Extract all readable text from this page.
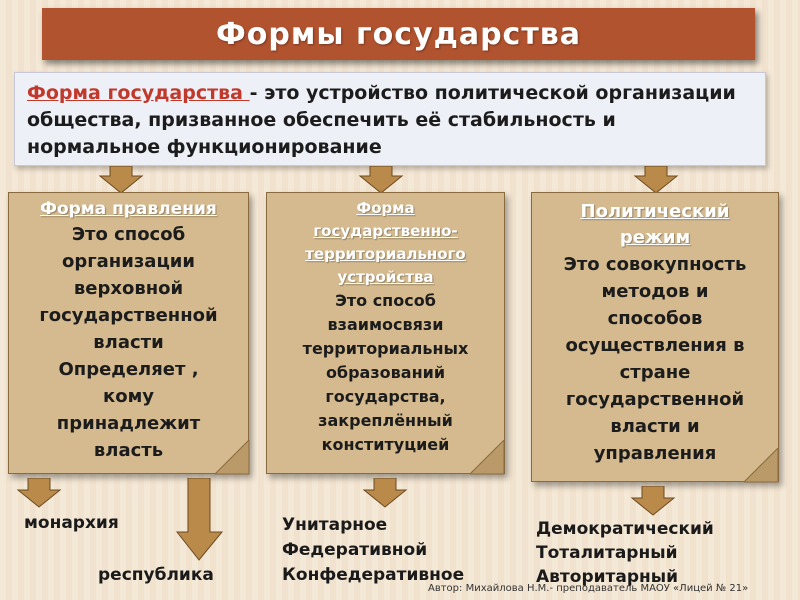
Формы государства
Форма государства - это устройство политической организации общества, призванное обеспечить её стабильность и нормальное функционирование
Форма правления
Это способ
организации
верховной
государственной
власти
Определяет ,
кому
принадлежит
власть
Форма
государственно-
территориального
устройства
Это способ
взаимосвязи
территориальных
образований
государства,
закреплённый
конституцией
Политический
режим
Это совокупность
методов и
способов
осуществления в
стране
государственной
власти и
управления
монархия
республика
Унитарное
Федеративной
Конфедеративное
Демократический
Тоталитарный
Авторитарный
Автор: Михайлова Н.М.- преподаватель МАОУ «Лицей № 21»
